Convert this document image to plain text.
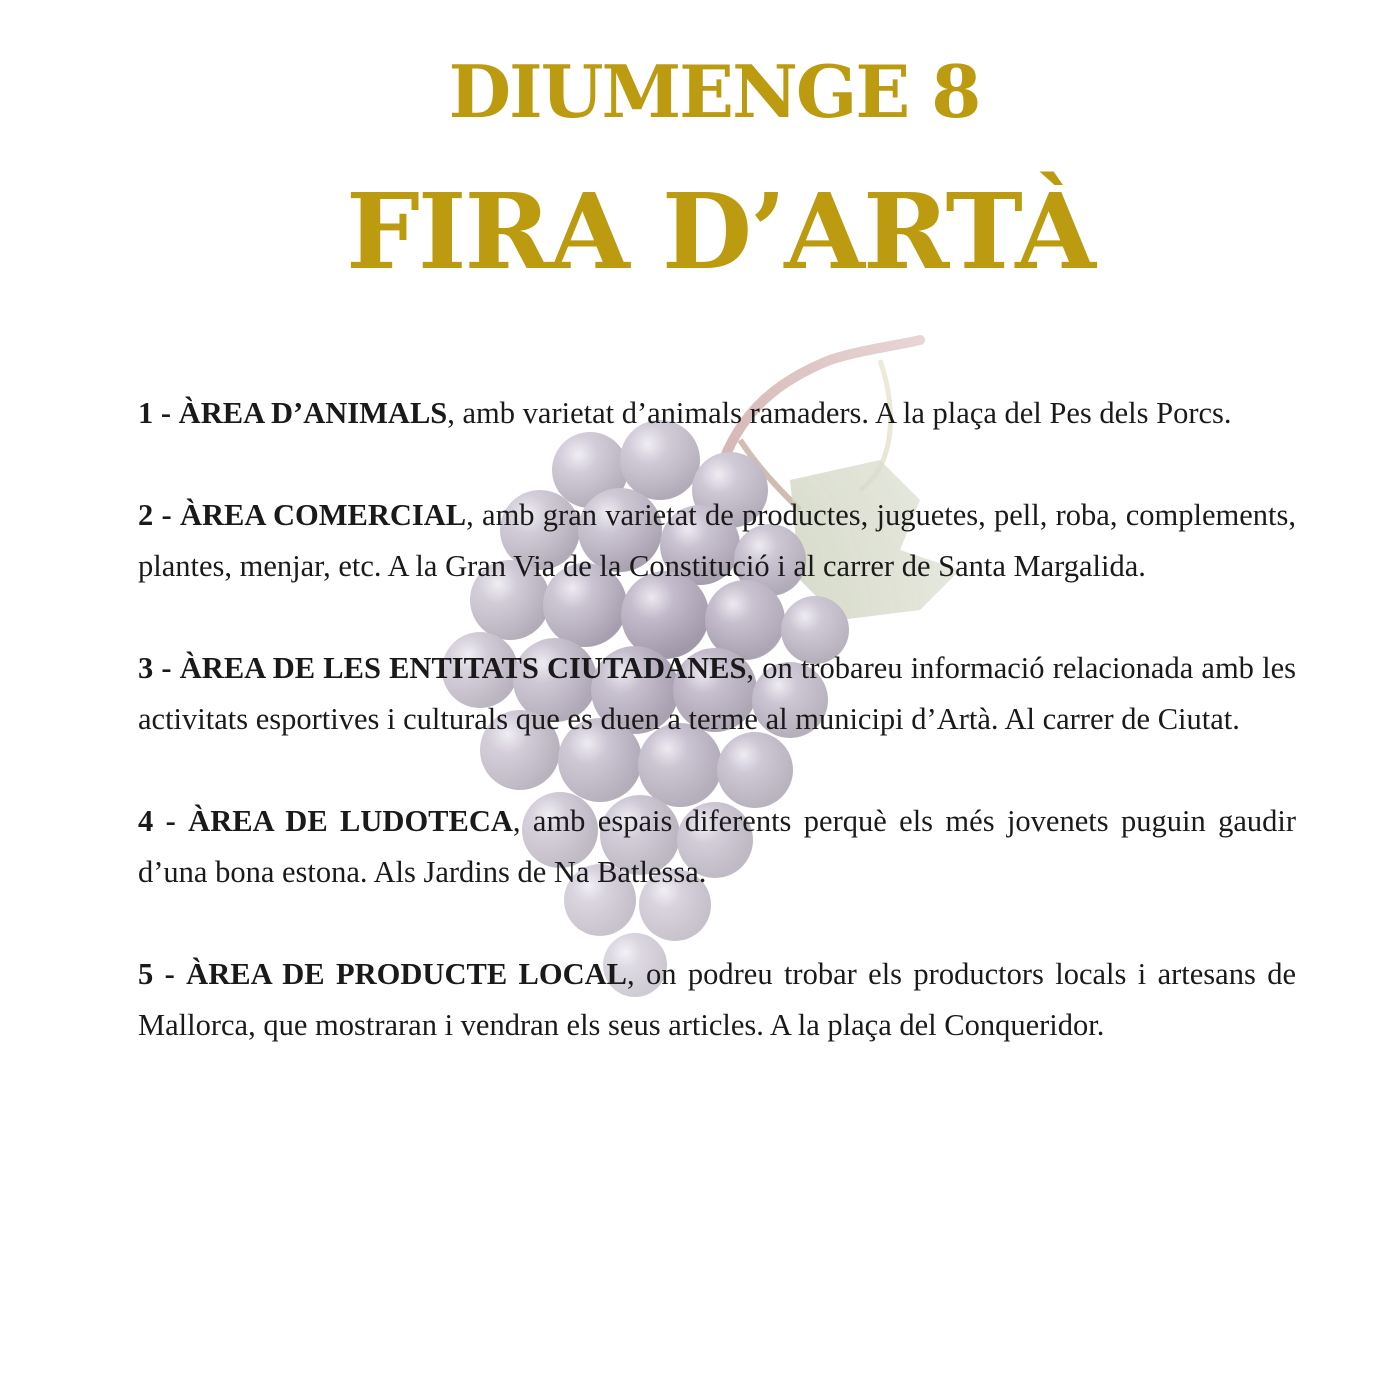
DIUMENGE 8
FIRA D’ARTÀ

1 - ÀREA D’ANIMALS, amb varietat d’animals ramaders. A la plaça del Pes dels Porcs.

2 - ÀREA COMERCIAL, amb gran varietat de productes, juguetes, pell, roba, complements, plantes, menjar, etc. A la Gran Via de la Constitució i al carrer de Santa Margalida.

3 - ÀREA DE LES ENTITATS CIUTADANES, on trobareu informació relacionada amb les activitats esportives i culturals que es duen a terme al municipi d’Artà. Al carrer de Ciutat.

4 - ÀREA DE LUDOTECA, amb espais diferents perquè els més jovenets puguin gaudir d’una bona estona. Als Jardins de Na Batlessa.

5 - ÀREA DE PRODUCTE LOCAL, on podreu trobar els productors locals i artesans de Mallorca, que mostraran i vendran els seus articles. A la plaça del Conqueridor.
